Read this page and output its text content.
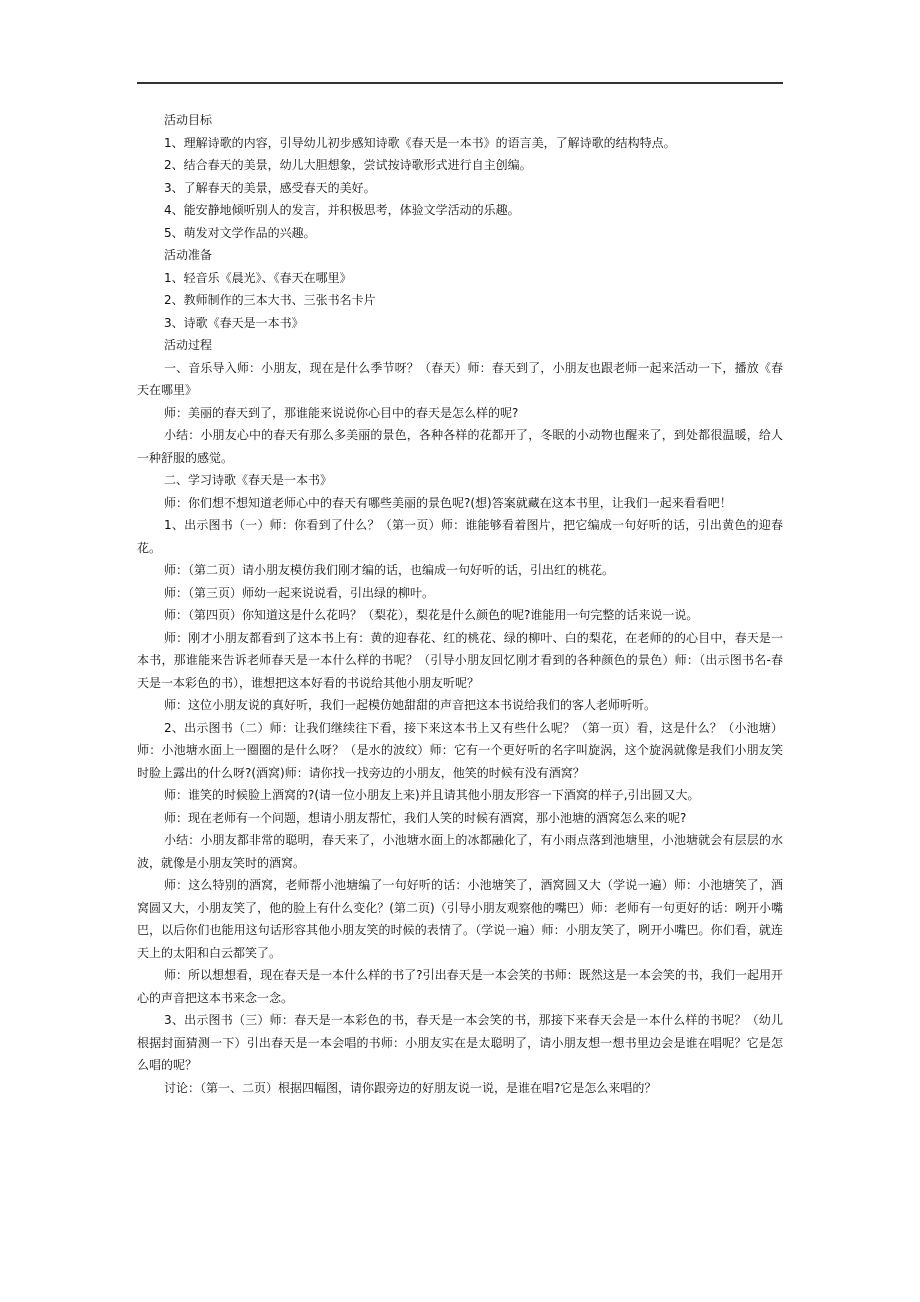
活动目标

1、理解诗歌的内容，引导幼儿初步感知诗歌《春天是一本书》的语言美，了解诗歌的结构特点。

2、结合春天的美景，幼儿大胆想象，尝试按诗歌形式进行自主创编。

3、了解春天的美景，感受春天的美好。

4、能安静地倾听别人的发言，并积极思考，体验文学活动的乐趣。

5、萌发对文学作品的兴趣。

活动准备

1、轻音乐《晨光》、《春天在哪里》

2、教师制作的三本大书、三张书名卡片

3、诗歌《春天是一本书》

活动过程

一、音乐导入师：小朋友，现在是什么季节呀？（春天）师：春天到了，小朋友也跟老师一起来活动一下，播放《春天在哪里》

师：美丽的春天到了，那谁能来说说你心目中的春天是怎么样的呢?

小结：小朋友心中的春天有那么多美丽的景色，各种各样的花都开了，冬眠的小动物也醒来了，到处都很温暖，给人一种舒服的感觉。

二、学习诗歌《春天是一本书》

师：你们想不想知道老师心中的春天有哪些美丽的景色呢?(想)答案就藏在这本书里，让我们一起来看看吧！

1、出示图书（一）师：你看到了什么？（第一页）师：谁能够看着图片，把它编成一句好听的话，引出黄色的迎春花。

师：（第二页）请小朋友模仿我们刚才编的话，也编成一句好听的话，引出红的桃花。

师：（第三页）师幼一起来说说看，引出绿的柳叶。

师：（第四页）你知道这是什么花吗？（梨花），梨花是什么颜色的呢?谁能用一句完整的话来说一说。

师：刚才小朋友都看到了这本书上有：黄的迎春花、红的桃花、绿的柳叶、白的梨花，在老师的的心目中，春天是一本书，那谁能来告诉老师春天是一本什么样的书呢？（引导小朋友回忆刚才看到的各种颜色的景色）师：（出示图书名-春天是一本彩色的书），谁想把这本好看的书说给其他小朋友听呢？

师：这位小朋友说的真好听，我们一起模仿她甜甜的声音把这本书说给我们的客人老师听听。

2、出示图书（二）师：让我们继续往下看，接下来这本书上又有些什么呢？（第一页）看，这是什么？（小池塘）师：小池塘水面上一圈圈的是什么呀？（是水的波纹）师：它有一个更好听的名字叫旋涡，这个旋涡就像是我们小朋友笑时脸上露出的什么呀?(酒窝)师：请你找一找旁边的小朋友，他笑的时候有没有酒窝？

师：谁笑的时候脸上酒窝的?(请一位小朋友上来)并且请其他小朋友形容一下酒窝的样子,引出圆又大。

师：现在老师有一个问题，想请小朋友帮忙，我们人笑的时候有酒窝，那小池塘的酒窝怎么来的呢?

小结：小朋友都非常的聪明，春天来了，小池塘水面上的冰都融化了，有小雨点落到池塘里，小池塘就会有层层的水波，就像是小朋友笑时的酒窝。

师：这么特别的酒窝，老师帮小池塘编了一句好听的话：小池塘笑了，酒窝圆又大（学说一遍）师：小池塘笑了，酒窝圆又大，小朋友笑了，他的脸上有什么变化？(第二页)（引导小朋友观察他的嘴巴）师：老师有一句更好的话：咧开小嘴巴，以后你们也能用这句话形容其他小朋友笑的时候的表情了。（学说一遍）师：小朋友笑了，咧开小嘴巴。你们看，就连天上的太阳和白云都笑了。

师：所以想想看，现在春天是一本什么样的书了?引出春天是一本会笑的书师：既然这是一本会笑的书，我们一起用开心的声音把这本书来念一念。

3、出示图书（三）师：春天是一本彩色的书，春天是一本会笑的书，那接下来春天会是一本什么样的书呢？（幼儿根据封面猜测一下）引出春天是一本会唱的书师：小朋友实在是太聪明了，请小朋友想一想书里边会是谁在唱呢？它是怎么唱的呢？

讨论：（第一、二页）根据四幅图，请你跟旁边的好朋友说一说，是谁在唱?它是怎么来唱的？
